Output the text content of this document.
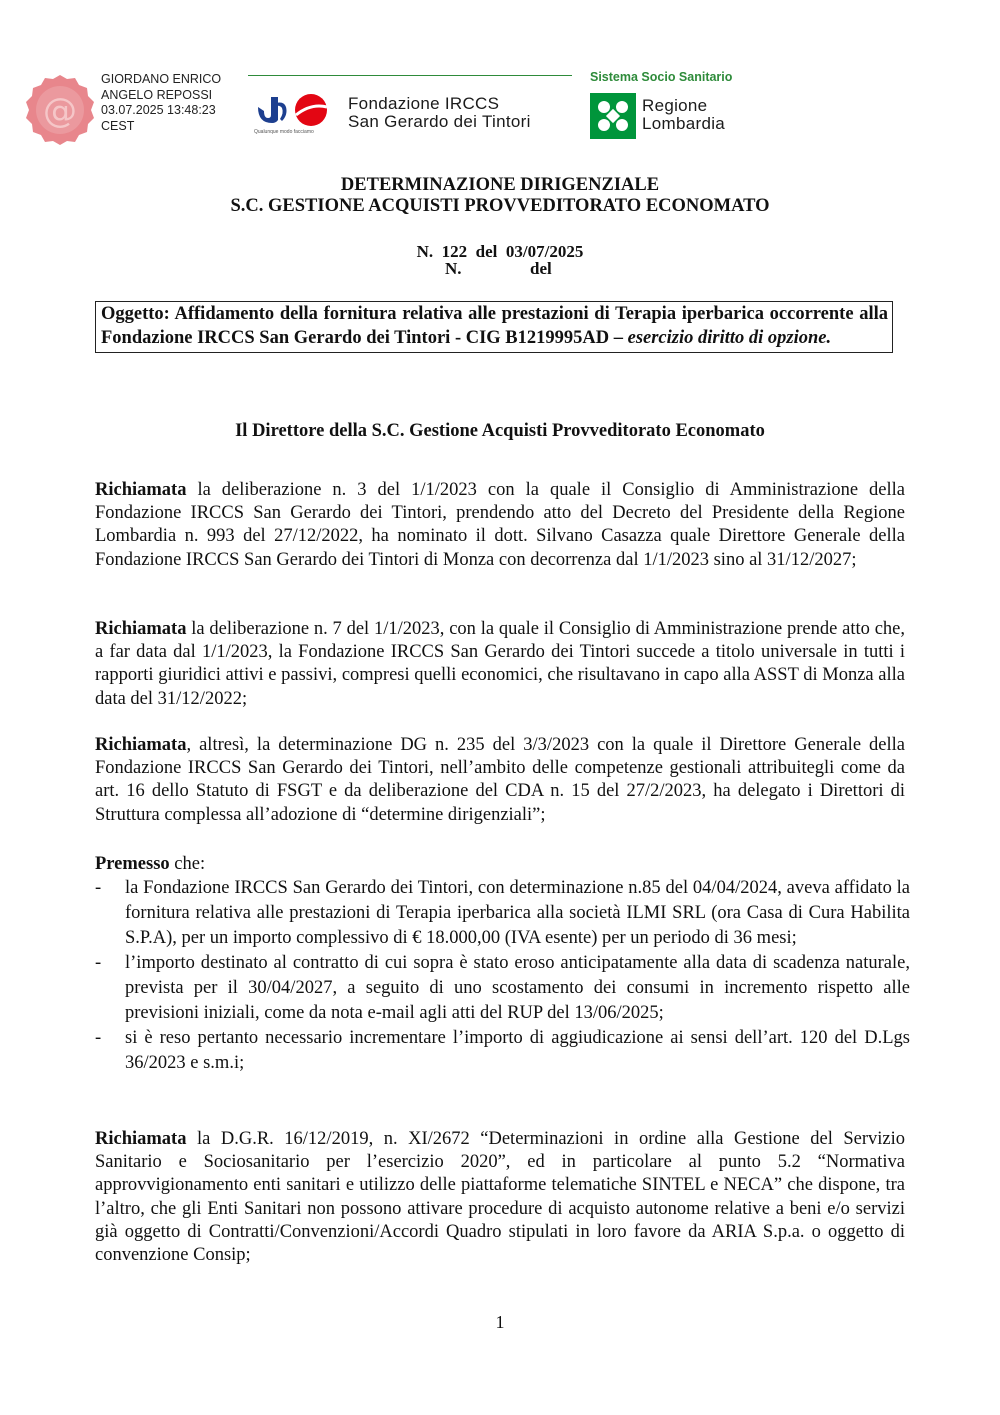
@
GIORDANO ENRICO
ANGELO REPOSSI
03.07.2025 13:48:23
CEST
Fondazione IRCCS
San Gerardo dei Tintori
Qualunque modo facciamo
Sistema Socio Sanitario
Regione
Lombardia
DETERMINAZIONE DIRIGENZIALE
S.C. GESTIONE ACQUISTI PROVVEDITORATO ECONOMATO
N.  122  del  03/07/2025
N.	del
Oggetto: Affidamento della fornitura relativa alle prestazioni di Terapia iperbarica occorrente alla Fondazione IRCCS San Gerardo dei Tintori - CIG B1219995AD – esercizio diritto di opzione.
Il Direttore della S.C. Gestione Acquisti Provveditorato Economato
Richiamata la deliberazione n. 3 del 1/1/2023 con la quale il Consiglio di Amministrazione della Fondazione IRCCS San Gerardo dei Tintori, prendendo atto del Decreto del Presidente della Regione Lombardia n. 993 del 27/12/2022, ha nominato il dott. Silvano Casazza quale Direttore Generale della Fondazione IRCCS San Gerardo dei Tintori di Monza con decorrenza dal 1/1/2023 sino al 31/12/2027;
Richiamata la deliberazione n. 7 del 1/1/2023, con la quale il Consiglio di Amministrazione prende atto che, a far data dal 1/1/2023, la Fondazione IRCCS San Gerardo dei Tintori succede a titolo universale in tutti i rapporti giuridici attivi e passivi, compresi quelli economici, che risultavano in capo alla ASST di Monza alla data del 31/12/2022;
Richiamata, altresì, la determinazione DG n. 235 del 3/3/2023 con la quale il Direttore Generale della Fondazione IRCCS San Gerardo dei Tintori, nell’ambito delle competenze gestionali attribuitegli come da art. 16 dello Statuto di FSGT e da deliberazione del CDA n. 15 del 27/2/2023, ha delegato i Direttori di Struttura complessa all’adozione di “determine dirigenziali”;
Premesso che:
- la Fondazione IRCCS San Gerardo dei Tintori, con determinazione n.85 del 04/04/2024, aveva affidato la fornitura relativa alle prestazioni di Terapia iperbarica alla società ILMI SRL (ora Casa di Cura Habilita S.P.A), per un importo complessivo di € 18.000,00 (IVA esente) per un periodo di 36 mesi;
- l’importo destinato al contratto di cui sopra è stato eroso anticipatamente alla data di scadenza naturale, prevista per il 30/04/2027, a seguito di uno scostamento dei consumi in incremento rispetto alle previsioni iniziali, come da nota e-mail agli atti del RUP del 13/06/2025;
- si è reso pertanto necessario incrementare l’importo di aggiudicazione ai sensi dell’art. 120 del D.Lgs 36/2023 e s.m.i;
Richiamata la D.G.R. 16/12/2019, n. XI/2672 “Determinazioni in ordine alla Gestione del Servizio Sanitario e Sociosanitario per l’esercizio 2020”, ed in particolare al punto 5.2 “Normativa approvvigionamento enti sanitari e utilizzo delle piattaforme telematiche SINTEL e NECA” che dispone, tra l’altro, che gli Enti Sanitari non possono attivare procedure di acquisto autonome relative a beni e/o servizi già oggetto di Contratti/Convenzioni/Accordi Quadro stipulati in loro favore da ARIA S.p.a. o oggetto di convenzione Consip;
1
